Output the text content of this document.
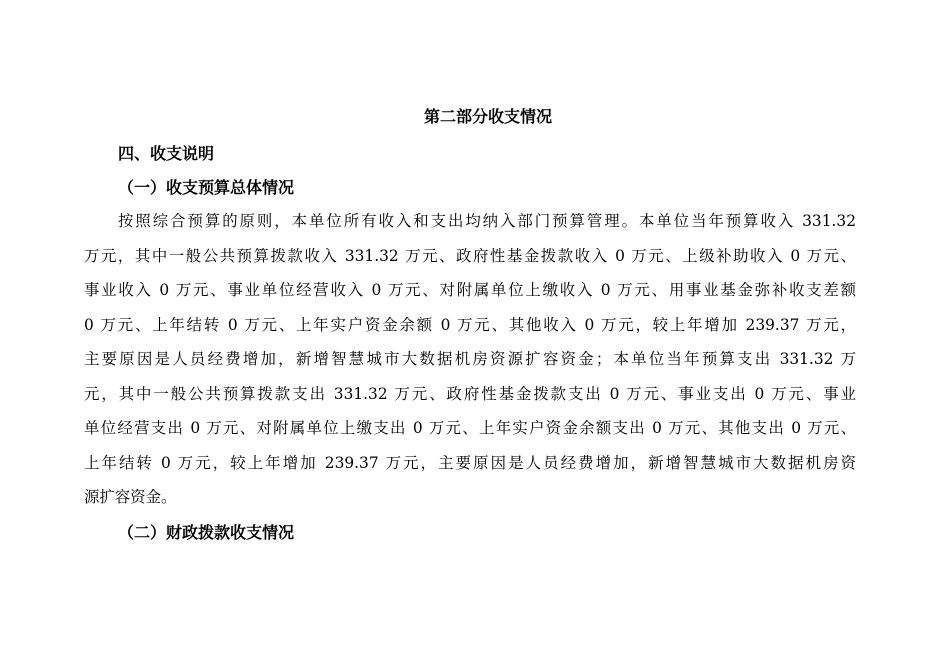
第二部分收支情况
四、收支说明
（一）收支预算总体情况

按照综合预算的原则，本单位所有收入和支出均纳入部门预算管理。本单位当年预算收入 331.32
万元，其中一般公共预算拨款收入 331.32 万元、政府性基金拨款收入 0 万元、上级补助收入 0 万元、
事业收入 0 万元、事业单位经营收入 0 万元、对附属单位上缴收入 0 万元、用事业基金弥补收支差额
0 万元、上年结转 0 万元、上年实户资金余额 0 万元、其他收入 0 万元，较上年增加 239.37 万元，
主要原因是人员经费增加，新增智慧城市大数据机房资源扩容资金；本单位当年预算支出 331.32 万
元，其中一般公共预算拨款支出 331.32 万元、政府性基金拨款支出 0 万元、事业支出 0 万元、事业
单位经营支出 0 万元、对附属单位上缴支出 0 万元、上年实户资金余额支出 0 万元、其他支出 0 万元、
上年结转 0 万元，较上年增加 239.37 万元，主要原因是人员经费增加，新增智慧城市大数据机房资
源扩容资金。

（二）财政拨款收支情况
